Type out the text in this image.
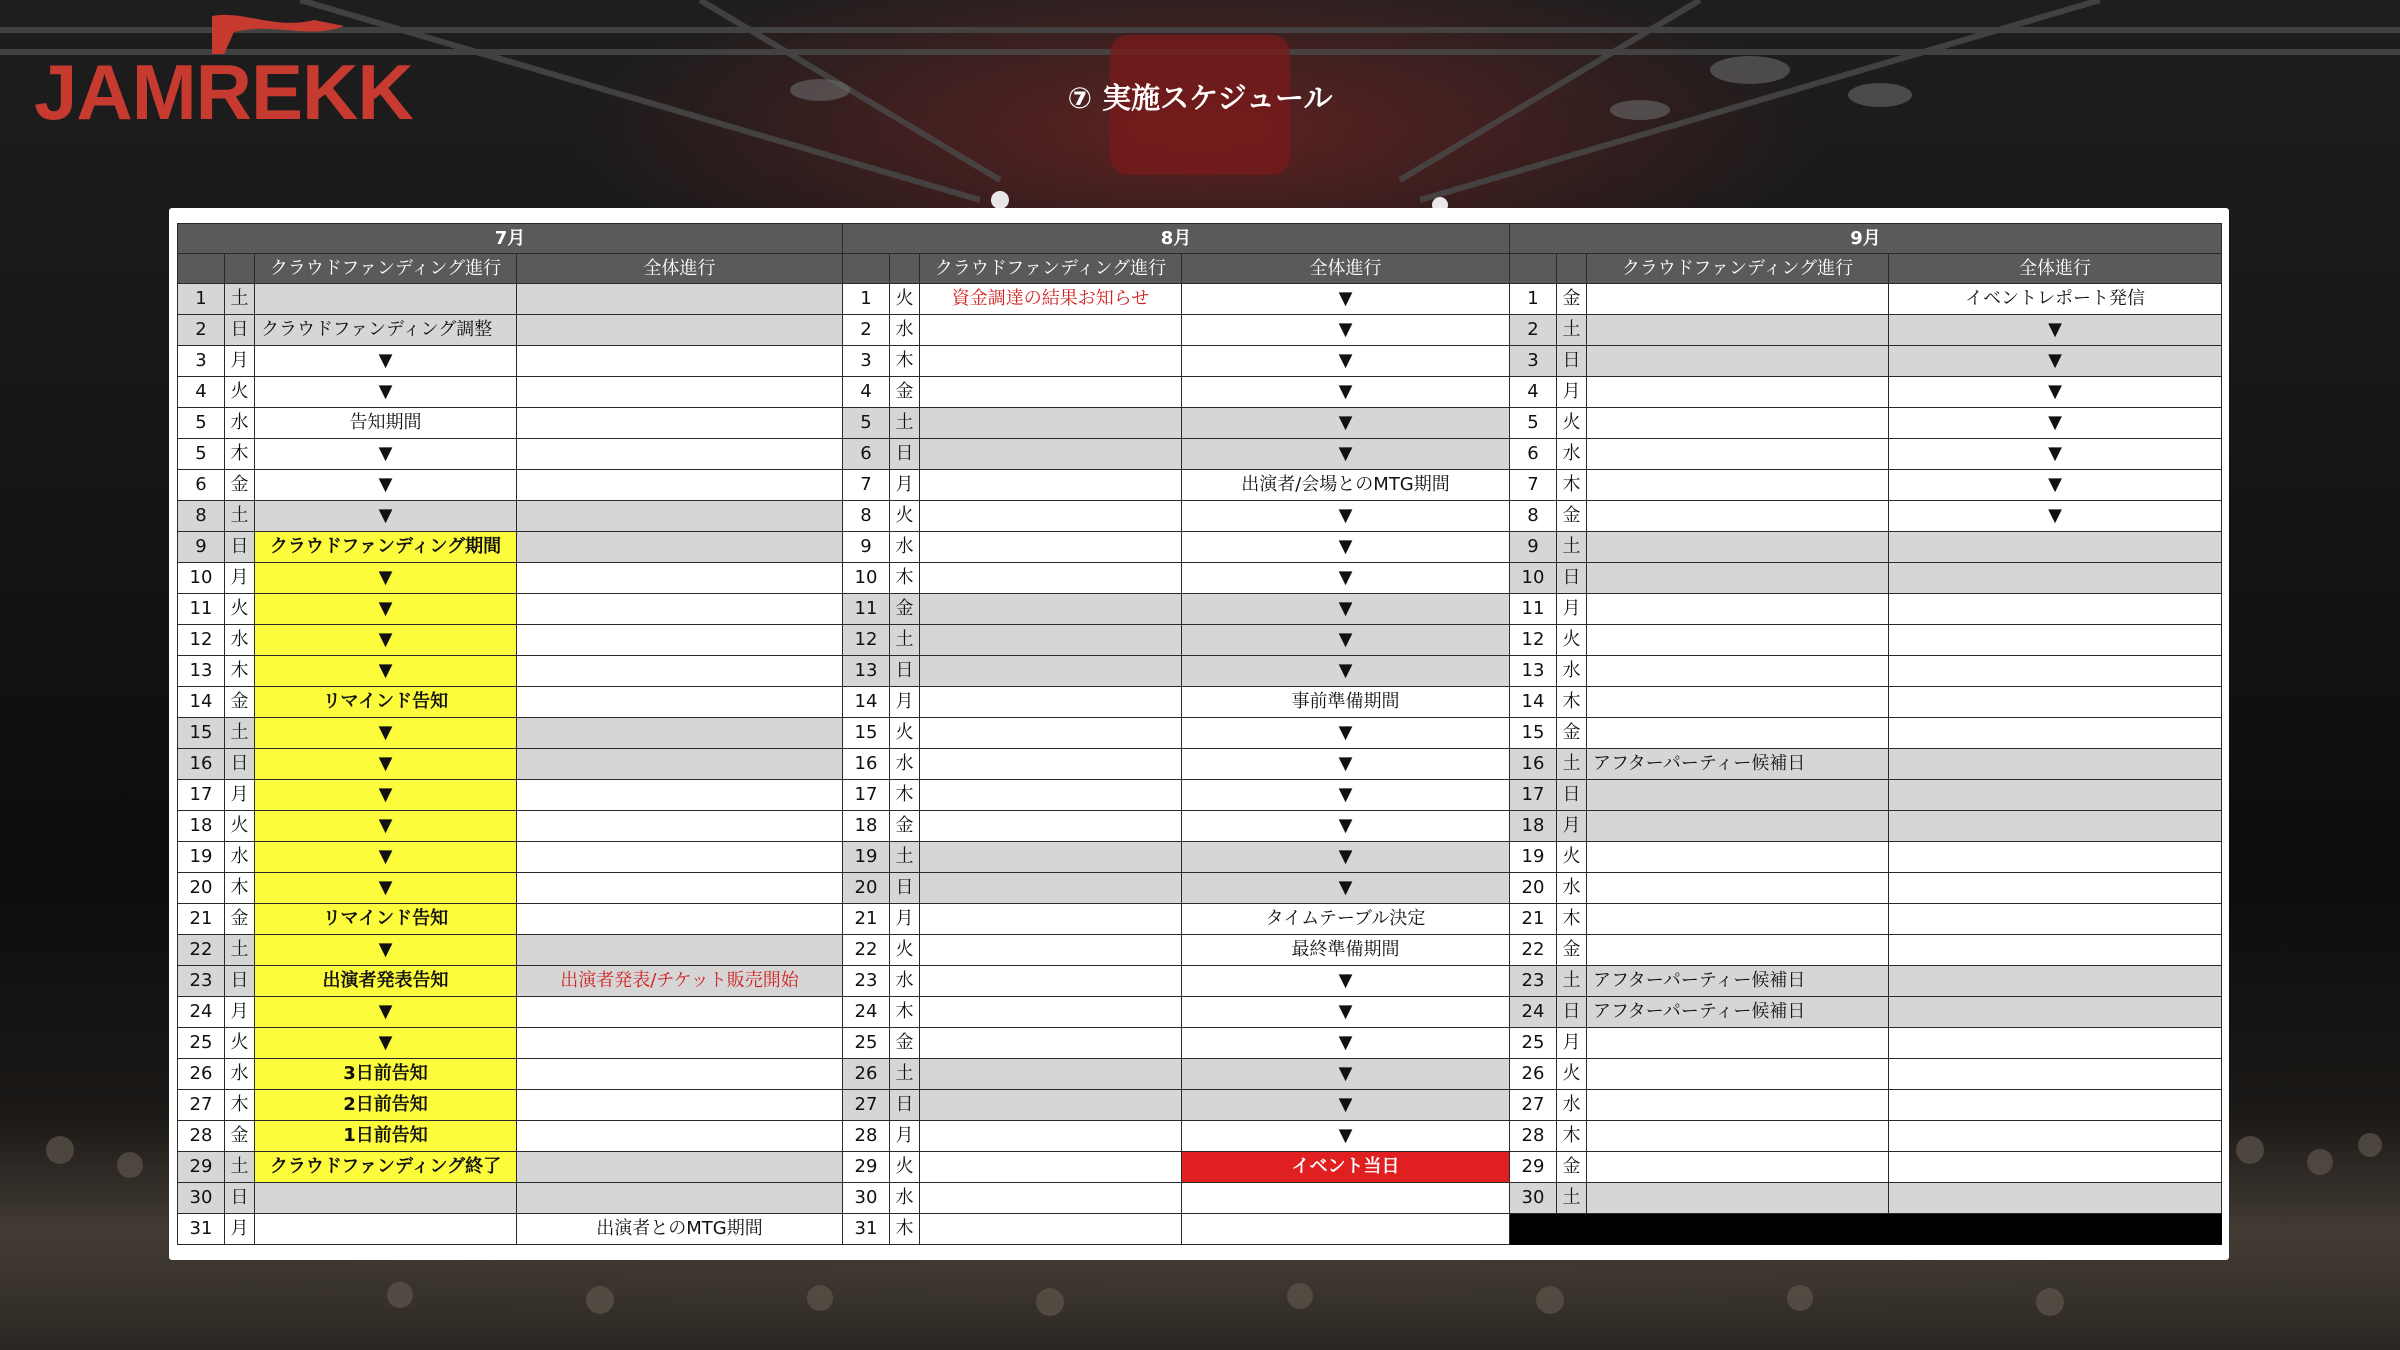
JAMREKK	⑦ 実施スケジュール
7月				8月				9月			
		クラウドファンディング進行	全体進行			クラウドファンディング進行	全体進行			クラウドファンディング進行	全体進行
1	土			1	火	資金調達の結果お知らせ	▼	1	金		イベントレポート発信
2	日	クラウドファンディング調整		2	水		▼	2	土		▼
3	月	▼		3	木		▼	3	日		▼
4	火	▼		4	金		▼	4	月		▼
5	水	告知期間		5	土		▼	5	火		▼
5	木	▼		6	日		▼	6	水		▼
6	金	▼		7	月		出演者/会場とのMTG期間	7	木		▼
8	土	▼		8	火		▼	8	金		▼
9	日	クラウドファンディング期間		9	水		▼	9	土		
10	月	▼		10	木		▼	10	日		
11	火	▼		11	金		▼	11	月		
12	水	▼		12	土		▼	12	火		
13	木	▼		13	日		▼	13	水		
14	金	リマインド告知		14	月		事前準備期間	14	木		
15	土	▼		15	火		▼	15	金		
16	日	▼		16	水		▼	16	土	アフターパーティー候補日	
17	月	▼		17	木		▼	17	日		
18	火	▼		18	金		▼	18	月		
19	水	▼		19	土		▼	19	火		
20	木	▼		20	日		▼	20	水		
21	金	リマインド告知		21	月		タイムテーブル決定	21	木		
22	土	▼		22	火		最終準備期間	22	金		
23	日	出演者発表告知	出演者発表/チケット販売開始	23	水		▼	23	土	アフターパーティー候補日	
24	月	▼		24	木		▼	24	日	アフターパーティー候補日	
25	火	▼		25	金		▼	25	月		
26	水	3日前告知		26	土		▼	26	火		
27	木	2日前告知		27	日		▼	27	水		
28	金	1日前告知		28	月		▼	28	木		
29	土	クラウドファンディング終了		29	火		イベント当日	29	金		
30	日			30	水			30	土		
31	月		出演者とのMTG期間	31	木						
